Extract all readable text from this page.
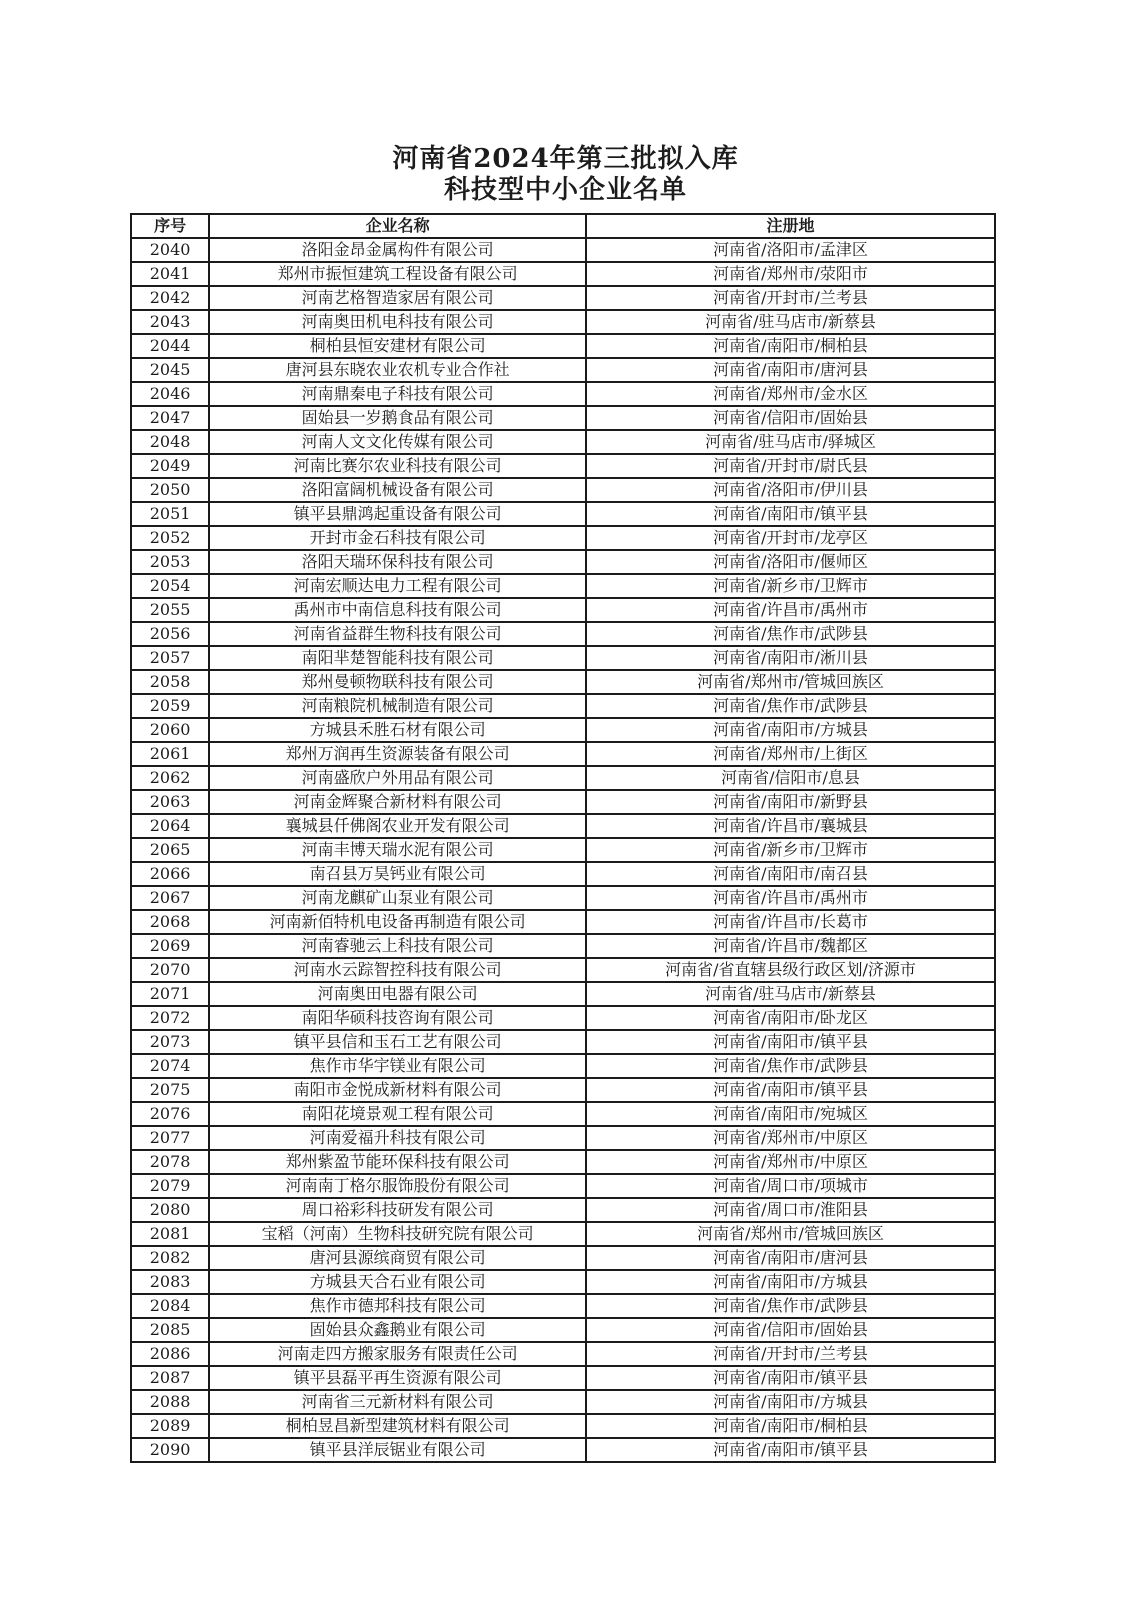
河南省2024年第三批拟入库
科技型中小企业名单
序号	企业名称	注册地
2040	洛阳金昂金属构件有限公司	河南省/洛阳市/孟津区
2041	郑州市振恒建筑工程设备有限公司	河南省/郑州市/荥阳市
2042	河南艺格智造家居有限公司	河南省/开封市/兰考县
2043	河南奥田机电科技有限公司	河南省/驻马店市/新蔡县
2044	桐柏县恒安建材有限公司	河南省/南阳市/桐柏县
2045	唐河县东晓农业农机专业合作社	河南省/南阳市/唐河县
2046	河南鼎秦电子科技有限公司	河南省/郑州市/金水区
2047	固始县一岁鹅食品有限公司	河南省/信阳市/固始县
2048	河南人文文化传媒有限公司	河南省/驻马店市/驿城区
2049	河南比赛尔农业科技有限公司	河南省/开封市/尉氏县
2050	洛阳富阔机械设备有限公司	河南省/洛阳市/伊川县
2051	镇平县鼎鸿起重设备有限公司	河南省/南阳市/镇平县
2052	开封市金石科技有限公司	河南省/开封市/龙亭区
2053	洛阳天瑞环保科技有限公司	河南省/洛阳市/偃师区
2054	河南宏顺达电力工程有限公司	河南省/新乡市/卫辉市
2055	禹州市中南信息科技有限公司	河南省/许昌市/禹州市
2056	河南省益群生物科技有限公司	河南省/焦作市/武陟县
2057	南阳芈楚智能科技有限公司	河南省/南阳市/淅川县
2058	郑州曼顿物联科技有限公司	河南省/郑州市/管城回族区
2059	河南粮院机械制造有限公司	河南省/焦作市/武陟县
2060	方城县禾胜石材有限公司	河南省/南阳市/方城县
2061	郑州万润再生资源装备有限公司	河南省/郑州市/上街区
2062	河南盛欣户外用品有限公司	河南省/信阳市/息县
2063	河南金辉聚合新材料有限公司	河南省/南阳市/新野县
2064	襄城县仟佛阁农业开发有限公司	河南省/许昌市/襄城县
2065	河南丰博天瑞水泥有限公司	河南省/新乡市/卫辉市
2066	南召县万昊钙业有限公司	河南省/南阳市/南召县
2067	河南龙麒矿山泵业有限公司	河南省/许昌市/禹州市
2068	河南新佰特机电设备再制造有限公司	河南省/许昌市/长葛市
2069	河南睿驰云上科技有限公司	河南省/许昌市/魏都区
2070	河南水云踪智控科技有限公司	河南省/省直辖县级行政区划/济源市
2071	河南奥田电器有限公司	河南省/驻马店市/新蔡县
2072	南阳华硕科技咨询有限公司	河南省/南阳市/卧龙区
2073	镇平县信和玉石工艺有限公司	河南省/南阳市/镇平县
2074	焦作市华宇镁业有限公司	河南省/焦作市/武陟县
2075	南阳市金悦成新材料有限公司	河南省/南阳市/镇平县
2076	南阳花境景观工程有限公司	河南省/南阳市/宛城区
2077	河南爱福升科技有限公司	河南省/郑州市/中原区
2078	郑州紫盈节能环保科技有限公司	河南省/郑州市/中原区
2079	河南南丁格尔服饰股份有限公司	河南省/周口市/项城市
2080	周口裕彩科技研发有限公司	河南省/周口市/淮阳县
2081	宝稻（河南）生物科技研究院有限公司	河南省/郑州市/管城回族区
2082	唐河县源缤商贸有限公司	河南省/南阳市/唐河县
2083	方城县天合石业有限公司	河南省/南阳市/方城县
2084	焦作市德邦科技有限公司	河南省/焦作市/武陟县
2085	固始县众鑫鹅业有限公司	河南省/信阳市/固始县
2086	河南走四方搬家服务有限责任公司	河南省/开封市/兰考县
2087	镇平县磊平再生资源有限公司	河南省/南阳市/镇平县
2088	河南省三元新材料有限公司	河南省/南阳市/方城县
2089	桐柏昱昌新型建筑材料有限公司	河南省/南阳市/桐柏县
2090	镇平县洋辰锯业有限公司	河南省/南阳市/镇平县
